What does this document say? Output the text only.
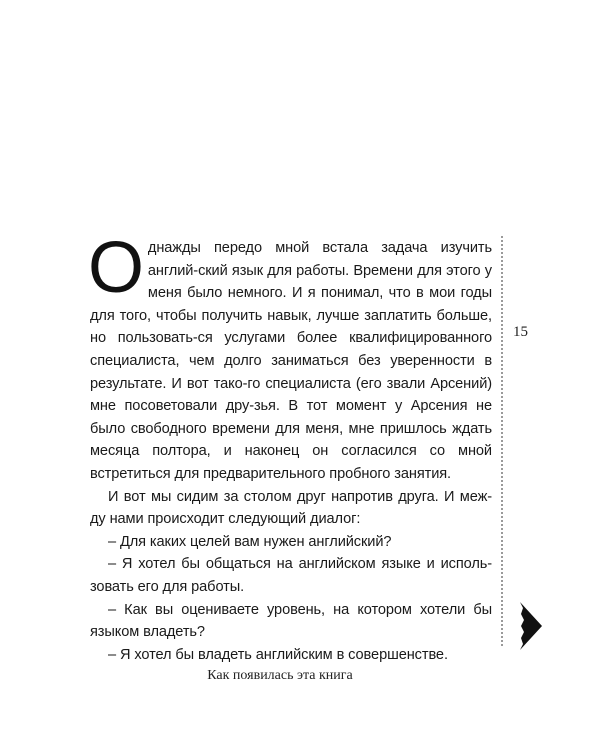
Однажды передо мной встала задача изучить англий-ский язык для работы. Времени для этого у меня было немного. И я понимал, что в мои годы для того, чтобы получить навык, лучше заплатить больше, но пользовать-ся услугами более квалифицированного специалиста, чем долго заниматься без уверенности в результате. И вот тако-го специалиста (его звали Арсений) мне посоветовали дру-зья. В тот момент у Арсения не было свободного времени для меня, мне пришлось ждать месяца полтора, и наконец он согласился со мной встретиться для предварительного пробного занятия.

И вот мы сидим за столом друг напротив друга. И меж-ду нами происходит следующий диалог:

– Для каких целей вам нужен английский?

– Я хотел бы общаться на английском языке и исполь-зовать его для работы.

– Как вы оцениваете уровень, на котором хотели бы языком владеть?

– Я хотел бы владеть английским в совершенстве.

15
Как появилась эта книга
